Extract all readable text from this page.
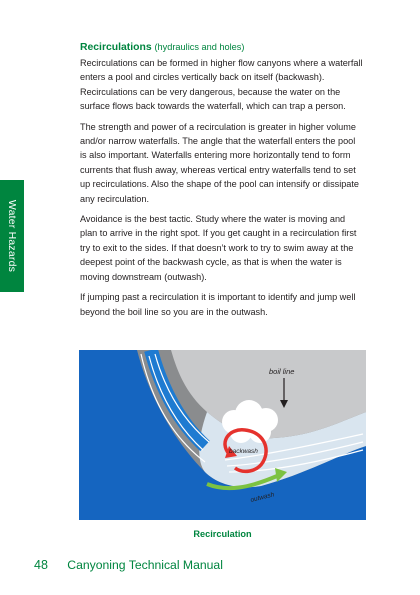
Water Hazards
Recirculations (hydraulics and holes)

Recirculations can be formed in higher flow canyons where a waterfall enters a pool and circles vertically back on itself (backwash). Recirculations can be very dangerous, because the water on the surface flows back towards the waterfall, which can trap a person.

The strength and power of a recirculation is greater in higher volume and/or narrow waterfalls. The angle that the waterfall enters the pool is also important. Waterfalls entering more horizontally tend to form currents that flush away, whereas vertical entry waterfalls tend to set up recirculations. Also the shape of the pool can intensify or dissipate any recirculation.

Avoidance is the best tactic. Study where the water is moving and plan to arrive in the right spot. If you get caught in a recirculation first try to exit to the sides. If that doesn’t work to try to swim away at the deepest point of the backwash cycle, as that is when the water is moving downstream (outwash).

If jumping past a recirculation it is important to identify and jump well beyond the boil line so you are in the outwash.

boil line
backwash
outwash
Recirculation
48 Canyoning Technical Manual
